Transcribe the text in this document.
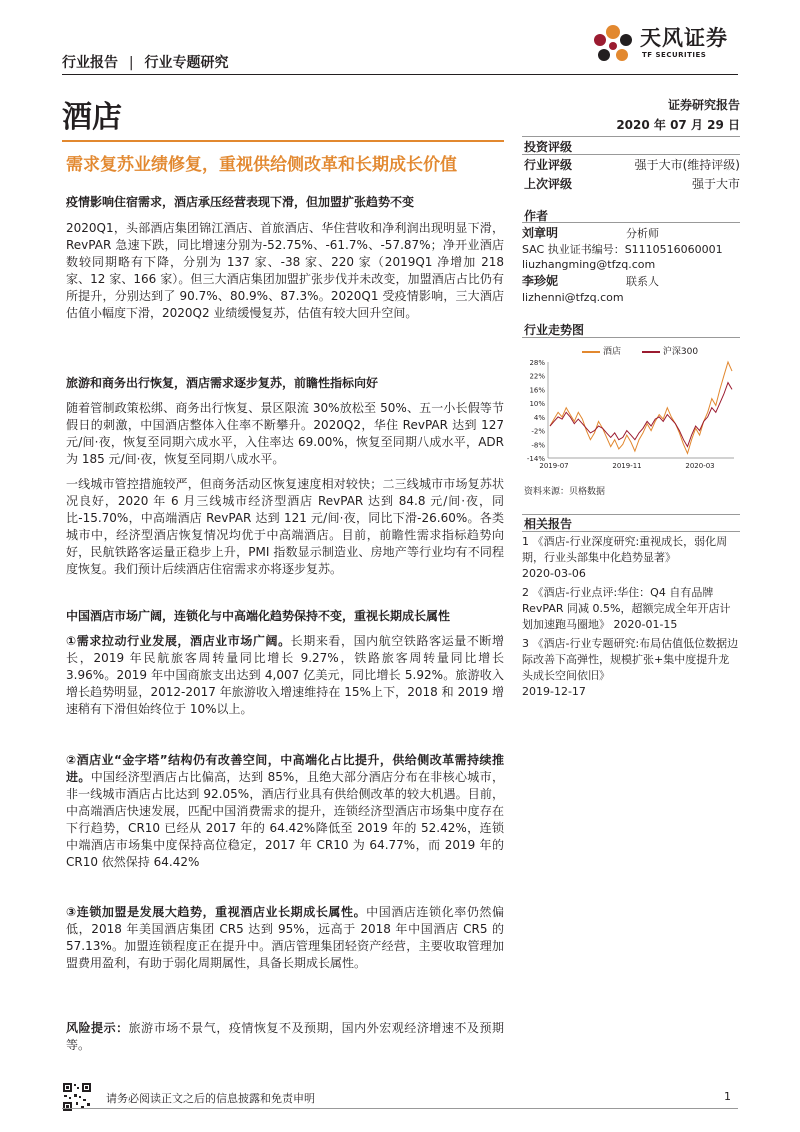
行业报告 | 行业专题研究
天风证券
TF SECURITIES
酒店
需求复苏业绩修复，重视供给侧改革和长期成长价值
疫情影响住宿需求，酒店承压经营表现下滑，但加盟扩张趋势不变

2020Q1，头部酒店集团锦江酒店、首旅酒店、华住营收和净利润出现明显下滑，RevPAR 急速下跌，同比增速分别为-52.75%、-61.7%、-57.87%；净开业酒店数较同期略有下降，分别为 137 家、-38 家、220 家（2019Q1 净增加 218 家、12 家、166 家）。但三大酒店集团加盟扩张步伐并未改变，加盟酒店占比仍有所提升，分别达到了 90.7%、80.9%、87.3%。2020Q1 受疫情影响，三大酒店估值小幅度下滑，2020Q2 业绩缓慢复苏，估值有较大回升空间。

旅游和商务出行恢复，酒店需求逐步复苏，前瞻性指标向好

随着管制政策松绑、商务出行恢复、景区限流 30%放松至 50%、五一小长假等节假日的刺激，中国酒店整体入住率不断攀升。2020Q2，华住 RevPAR 达到 127 元/间·夜，恢复至同期六成水平，入住率达 69.00%，恢复至同期八成水平，ADR 为 185 元/间·夜，恢复至同期八成水平。

一线城市管控措施较严，但商务活动区恢复速度相对较快；二三线城市市场复苏状况良好，2020 年 6 月三线城市经济型酒店 RevPAR 达到 84.8 元/间·夜，同比-15.70%，中高端酒店 RevPAR 达到 121 元/间·夜，同比下滑-26.60%。各类城市中，经济型酒店恢复情况均优于中高端酒店。目前，前瞻性需求指标趋势向好，民航铁路客运量正稳步上升，PMI 指数显示制造业、房地产等行业均有不同程度恢复。我们预计后续酒店住宿需求亦将逐步复苏。

中国酒店市场广阔，连锁化与中高端化趋势保持不变，重视长期成长属性

①需求拉动行业发展，酒店业市场广阔。长期来看，国内航空铁路客运量不断增长，2019 年民航旅客周转量同比增长 9.27%，铁路旅客周转量同比增长 3.96%。2019 年中国商旅支出达到 4,007 亿美元，同比增长 5.92%。旅游收入增长趋势明显，2012-2017 年旅游收入增速维持在 15%上下，2018 和 2019 增速稍有下滑但始终位于 10%以上。

②酒店业“金字塔”结构仍有改善空间，中高端化占比提升，供给侧改革需持续推进。中国经济型酒店占比偏高，达到 85%，且绝大部分酒店分布在非核心城市，非一线城市酒店占比达到 92.05%，酒店行业具有供给侧改革的较大机遇。目前，中高端酒店快速发展，匹配中国消费需求的提升，连锁经济型酒店市场集中度存在下行趋势，CR10 已经从 2017 年的 64.42%降低至 2019 年的 52.42%，连锁中端酒店市场集中度保持高位稳定，2017 年 CR10 为 64.77%，而 2019 年的 CR10 依然保持 64.42%

③连锁加盟是发展大趋势，重视酒店业长期成长属性。中国酒店连锁化率仍然偏低，2018 年美国酒店集团 CR5 达到 95%，远高于 2018 年中国酒店 CR5 的 57.13%。加盟连锁程度正在提升中。酒店管理集团轻资产经营，主要收取管理加盟费用盈利，有助于弱化周期属性，具备长期成长属性。

风险提示：旅游市场不景气，疫情恢复不及预期，国内外宏观经济增速不及预期等。

证券研究报告
2020 年 07 月 29 日
投资评级
行业评级	强于大市(维持评级)
上次评级	强于大市
作者
刘章明	分析师
SAC 执业证书编号：S1110516060001
liuzhangming@tfzq.com
李珍妮	联系人
lizhenni@tfzq.com
行业走势图
酒店	沪深300
28%
22%
16%
10%
4%
-2%
-8%
-14%
2019-07	2019-11	2020-03
资料来源：贝格数据
相关报告
1 《酒店-行业深度研究:重视成长，弱化周期，行业头部集中化趋势显著》
2020-03-06
2 《酒店-行业点评:华住：Q4 自有品牌 RevPAR 同减 0.5%，超额完成全年开店计划加速跑马圈地》 2020-01-15
3 《酒店-行业专题研究:布局估值低位数据边际改善下高弹性，规模扩张+集中度提升龙头成长空间依旧》
2019-12-17
请务必阅读正文之后的信息披露和免责申明	1
